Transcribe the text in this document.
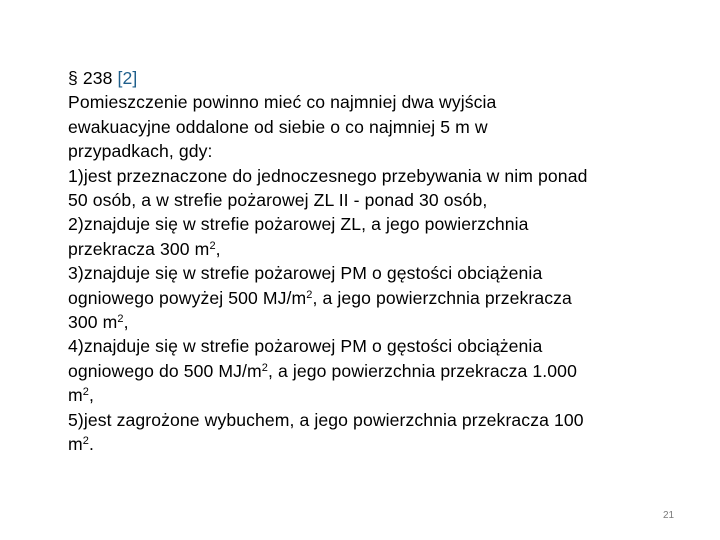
§ 238 [2]
Pomieszczenie powinno mieć co najmniej dwa wyjścia
ewakuacyjne oddalone od siebie o co najmniej 5 m w
przypadkach, gdy:
1)jest przeznaczone do jednoczesnego przebywania w nim ponad
50 osób, a w strefie pożarowej ZL II - ponad 30 osób,
2)znajduje się w strefie pożarowej ZL, a jego powierzchnia
przekracza 300 $m^2$,
3)znajduje się w strefie pożarowej PM o gęstości obciążenia
ogniowego powyżej 500 $MJ/m^2$, a jego powierzchnia przekracza
300 $m^2$,
4)znajduje się w strefie pożarowej PM o gęstości obciążenia
ogniowego do 500 $MJ/m^2$, a jego powierzchnia przekracza 1.000
$m^2$,
5)jest zagrożone wybuchem, a jego powierzchnia przekracza 100
$m^2$.
21
